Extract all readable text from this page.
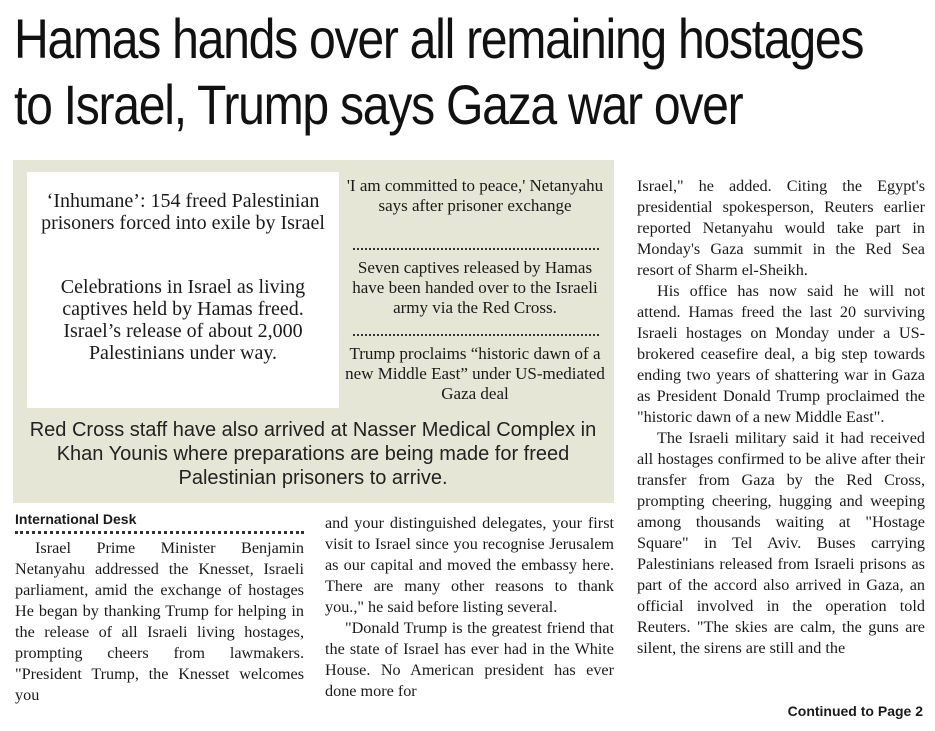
Hamas hands over all remaining hostages
to Israel, Trump says Gaza war over

‘Inhumane’: 154 freed Palestinian prisoners forced into exile by Israel

Celebrations in Israel as living captives held by Hamas freed. Israel’s release of about 2,000 Palestinians under way.

'I am committed to peace,' Netanyahu says after prisoner exchange
Seven captives released by Hamas have been handed over to the Israeli army via the Red Cross.
Trump proclaims “historic dawn of a new Middle East” under US-mediated Gaza deal
Red Cross staff have also arrived at Nasser Medical Complex in Khan Younis where preparations are being made for freed Palestinian prisoners to arrive.
International Desk

Israel Prime Minister Benjamin Netanyahu addressed the Knesset, Israeli parliament, amid the exchange of hostages He began by thanking Trump for helping in the release of all Israeli living hostages, prompting cheers from lawmakers. "President Trump, the Knesset welcomes you

and your distinguished delegates, your first visit to Israel since you recognise Jerusalem as our capital and moved the embassy here. There are many other reasons to thank you.," he said before listing several.

"Donald Trump is the greatest friend that the state of Israel has ever had in the White House. No American president has ever done more for

Israel," he added. Citing the Egypt's presidential spokesperson, Reuters earlier reported Netanyahu would take part in Monday's Gaza summit in the Red Sea resort of Sharm el-Sheikh.

His office has now said he will not attend. Hamas freed the last 20 surviving Israeli hostages on Monday under a US-brokered ceasefire deal, a big step towards ending two years of shattering war in Gaza as President Donald Trump proclaimed the "historic dawn of a new Middle East".

The Israeli military said it had received all hostages confirmed to be alive after their transfer from Gaza by the Red Cross, prompting cheering, hugging and weeping among thousands waiting at "Hostage Square" in Tel Aviv. Buses carrying Palestinians released from Israeli prisons as part of the accord also arrived in Gaza, an official involved in the operation told Reuters. "The skies are calm, the guns are silent, the sirens are still and the

Continued to Page 2
